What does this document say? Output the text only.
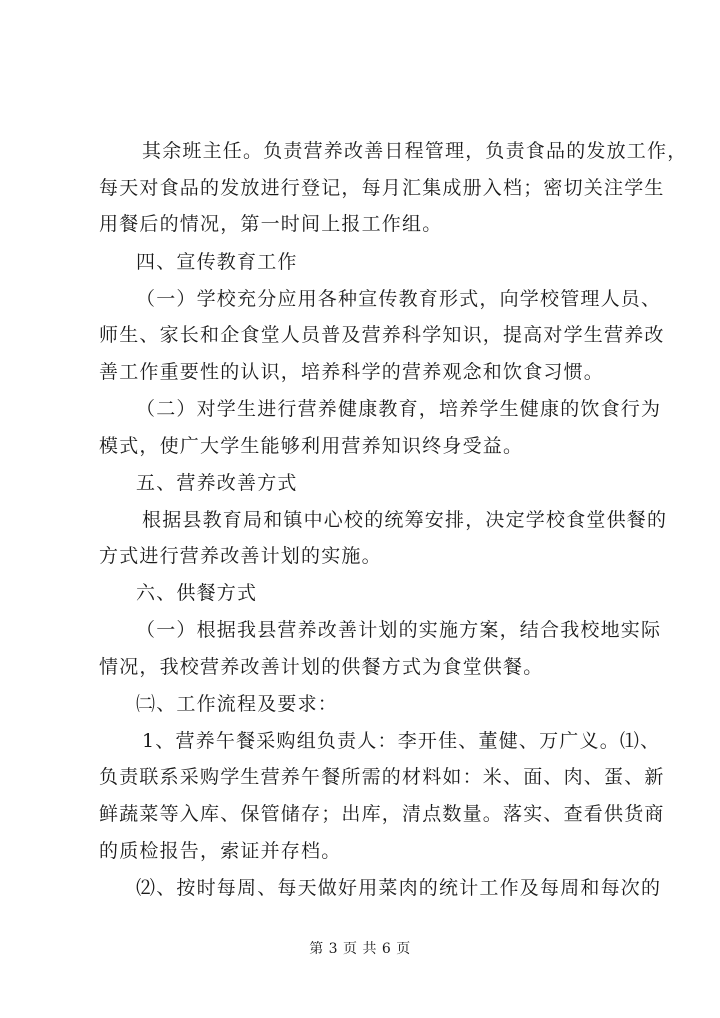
其余班主任。负责营养改善日程管理，负责食品的发放工作，
每天对食品的发放进行登记，每月汇集成册入档；密切关注学生
用餐后的情况，第一时间上报工作组。
四、宣传教育工作
（一）学校充分应用各种宣传教育形式，向学校管理人员、
师生、家长和企食堂人员普及营养科学知识，提高对学生营养改
善工作重要性的认识，培养科学的营养观念和饮食习惯。
（二）对学生进行营养健康教育，培养学生健康的饮食行为
模式，使广大学生能够利用营养知识终身受益。
五、营养改善方式
根据县教育局和镇中心校的统筹安排，决定学校食堂供餐的
方式进行营养改善计划的实施。
六、供餐方式
（一）根据我县营养改善计划的实施方案，结合我校地实际
情况，我校营养改善计划的供餐方式为食堂供餐。
㈡、工作流程及要求：
1、营养午餐采购组负责人：李开佳、董健、万广义。⑴、
负责联系采购学生营养午餐所需的材料如：米、面、肉、蛋、新
鲜蔬菜等入库、保管储存；出库，清点数量。落实、查看供货商
的质检报告，索证并存档。
⑵、按时每周、每天做好用菜肉的统计工作及每周和每次的
第 3 页 共 6 页
